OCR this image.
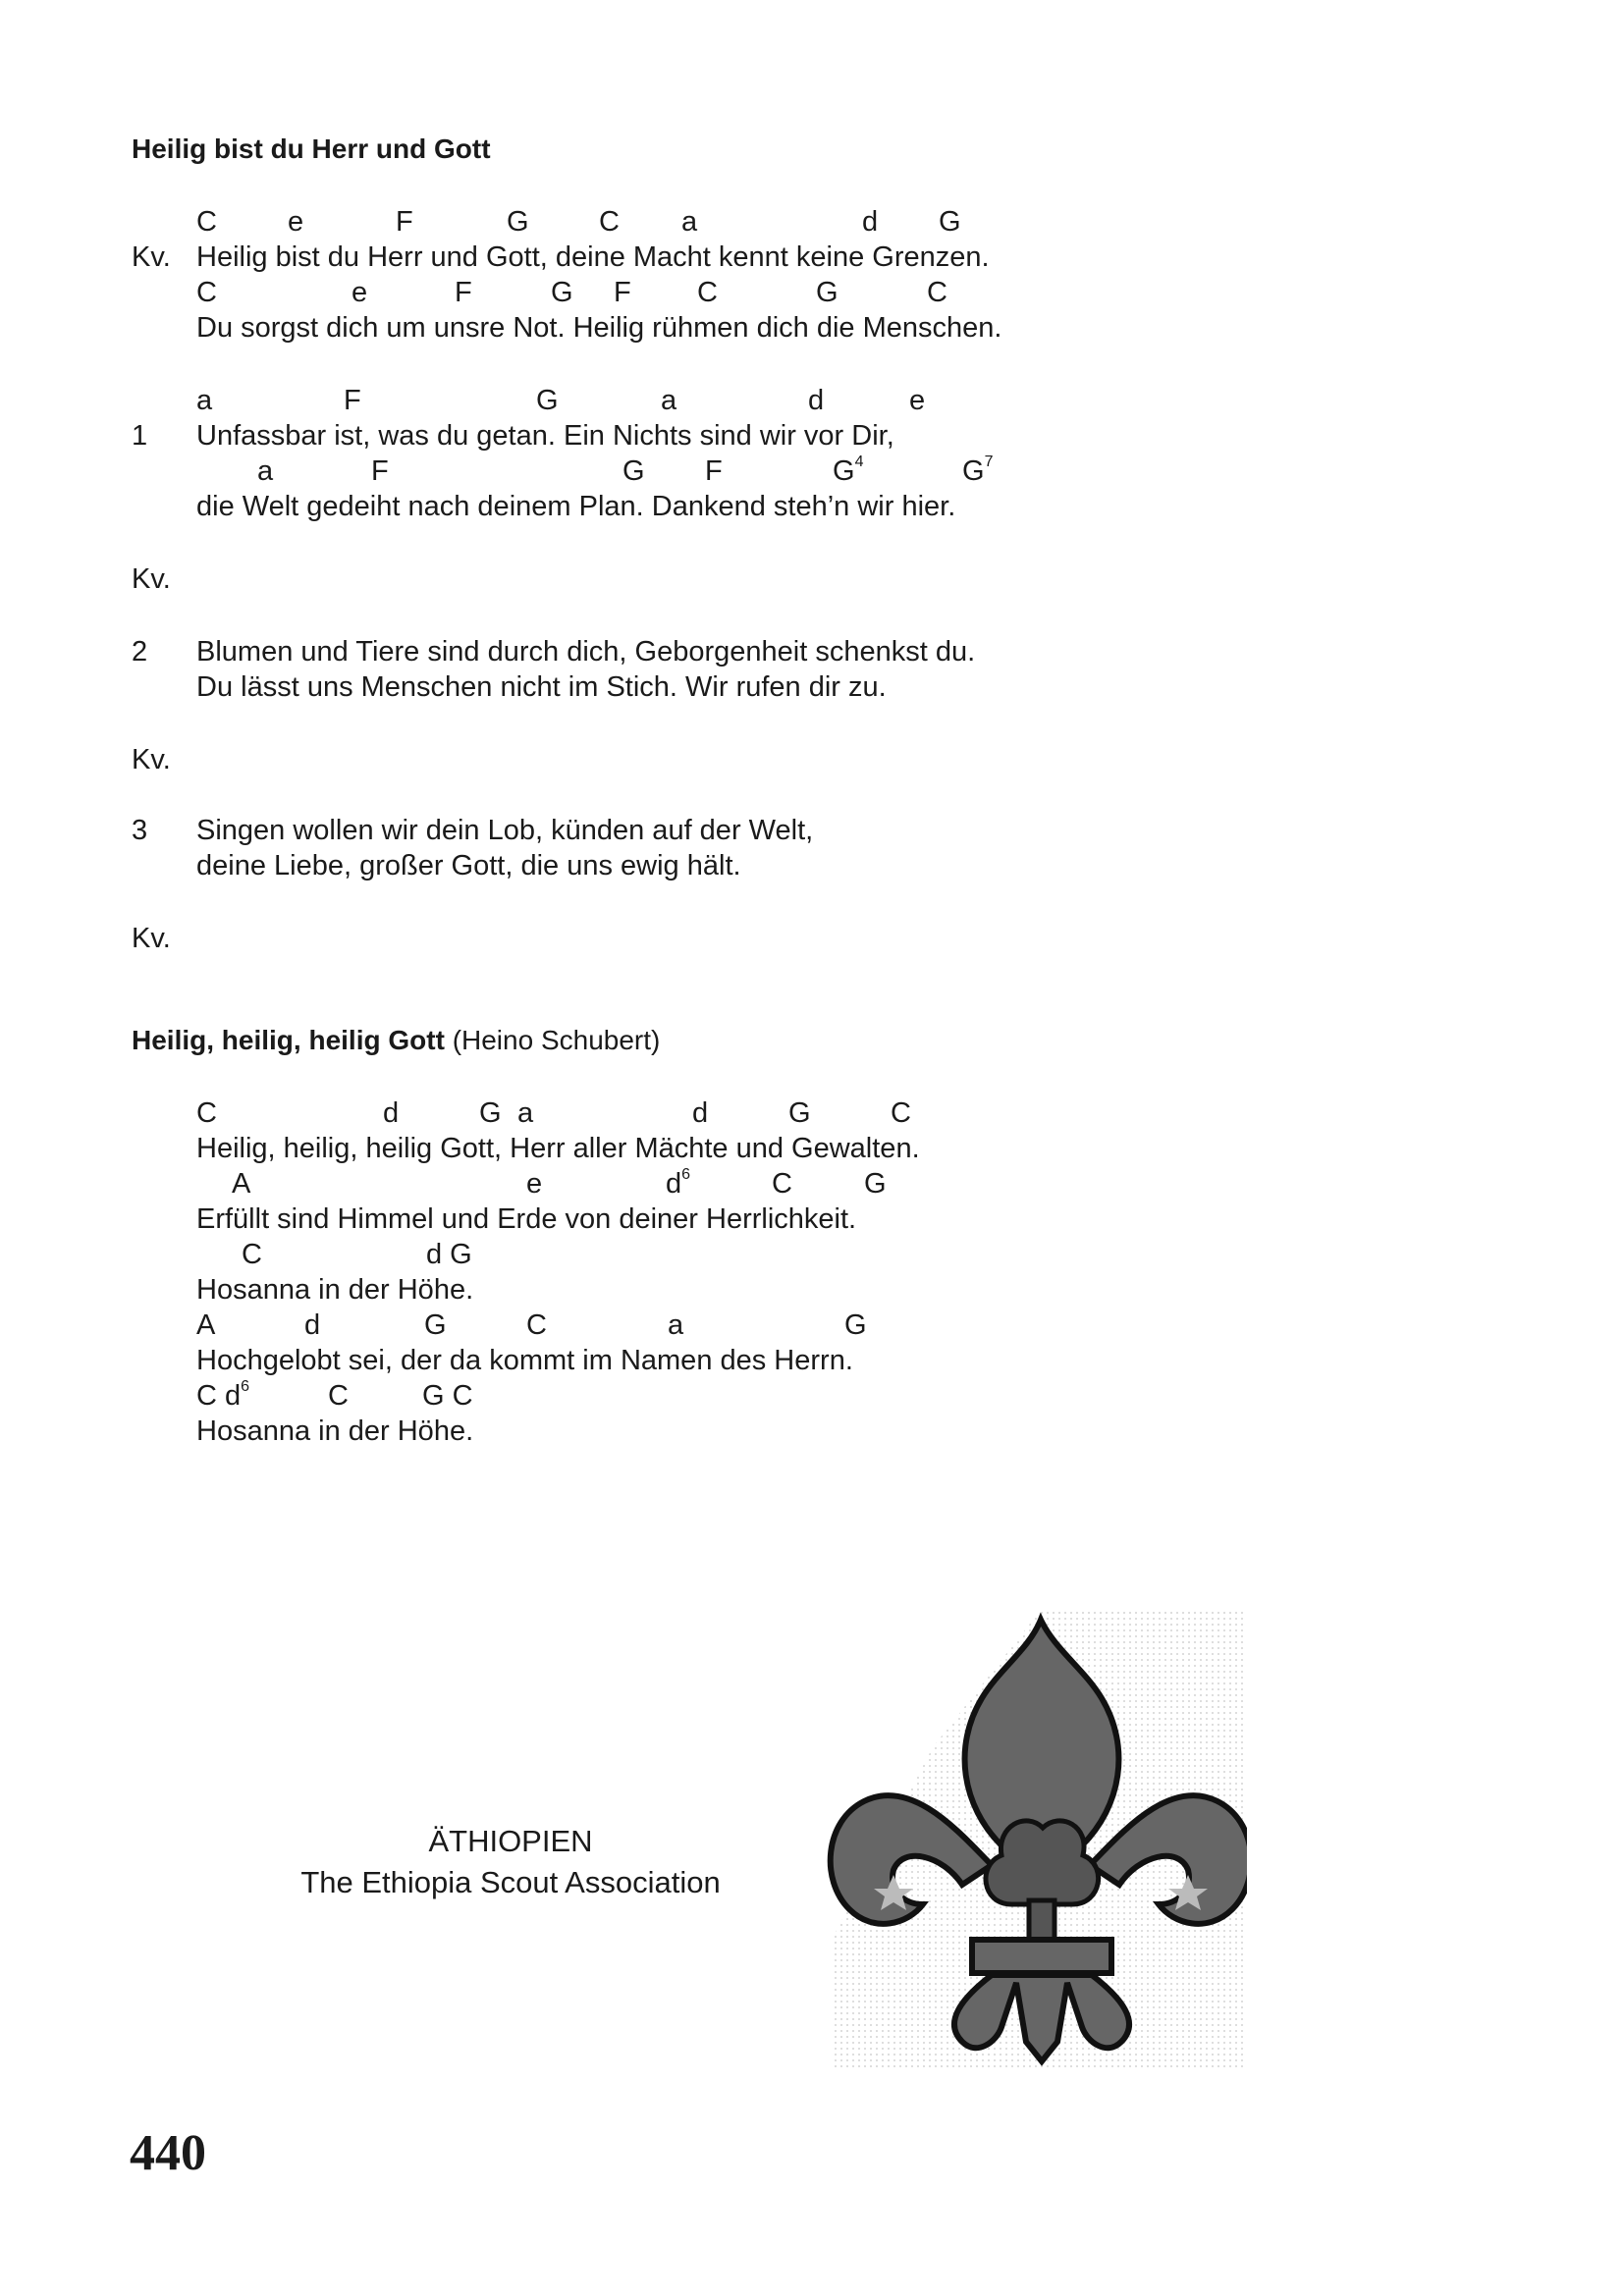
Heilig bist du Herr und Gott

C

e

	F

	G

C

a

	d

G

Kv. Heilig bist du Herr und Gott, deine Macht kennt keine Grenzen.

C

	e

	F

	G

F

C

	G

	C

Du sorgst dich um unsre Not. Heilig rühmen dich die Menschen.

a

	F

	G

	a

	d

	e

1 Unfassbar ist, was du getan. Ein Nichts sind wir vor Dir,

a

	F

	G

F

	$G^4$

	$G^7$

die Welt gedeiht nach deinem Plan. Dankend steh’n wir hier.
Kv.
2 Blumen und Tiere sind durch dich, Geborgenheit schenkst du.
Du lässt uns Menschen nicht im Stich. Wir rufen dir zu.
Kv.
3 Singen wollen wir dein Lob, künden auf der Welt,
deine Liebe, großer Gott, die uns ewig hält.
Kv.
Heilig, heilig, heilig Gott (Heino Schubert)

C

	d

	G

a

	d

	G

	C

Heilig, heilig, heilig Gott, Herr aller Mächte und Gewalten.

A

	e

	$d^6$

	C

	G

Erfüllt sind Himmel und Erde von deiner Herrlichkeit.

C

	d G

Hosanna in der Höhe.

A

	d

	G

	C

	a

	G

Hochgelobt sei, der da kommt im Namen des Herrn.

C $d^6$

	C

	G C

Hosanna in der Höhe.
ÄTHIOPIEN
The Ethiopia Scout Association
440
